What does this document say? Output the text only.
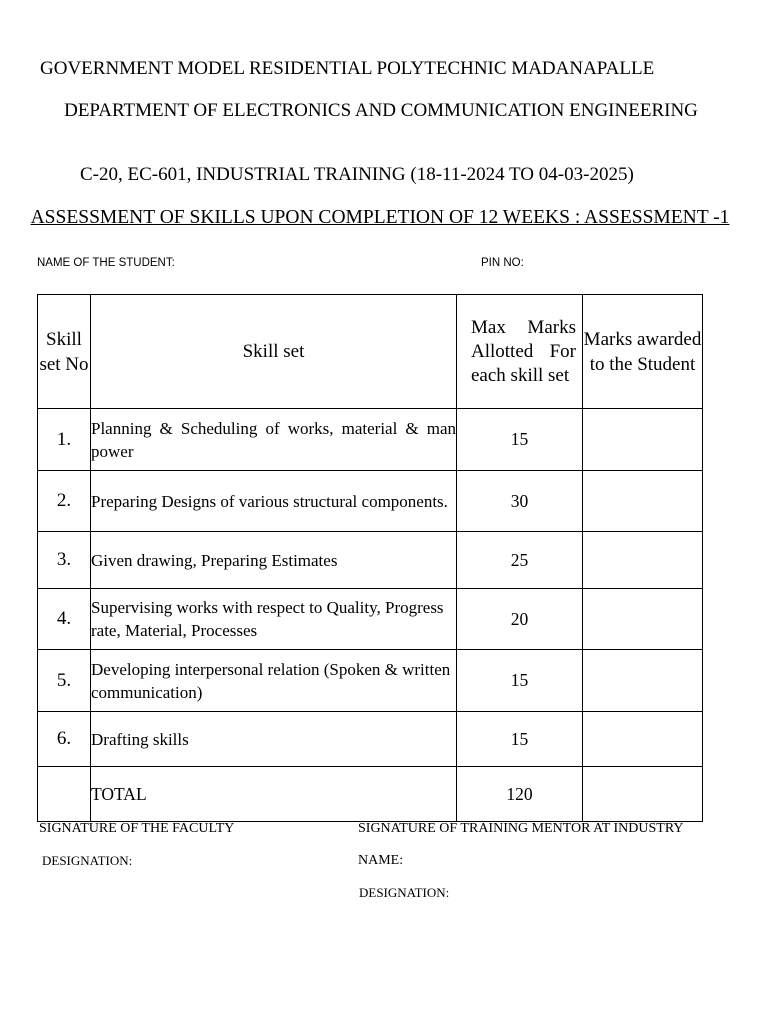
GOVERNMENT MODEL RESIDENTIAL POLYTECHNIC MADANAPALLE
DEPARTMENT OF ELECTRONICS AND COMMUNICATION ENGINEERING
C-20, EC-601, INDUSTRIAL TRAINING (18-11-2024 TO 04-03-2025)
ASSESSMENT OF SKILLS UPON COMPLETION OF 12 WEEKS : ASSESSMENT -1
NAME OF THE STUDENT:	PIN NO:
Skill set No	Skill set	Max Marks Allotted For each skill set	Marks awarded to the Student
1.	Planning & Scheduling of works, material & man power	15	
2.	Preparing Designs of various structural components.	30	
3.	Given drawing, Preparing Estimates	25	
4.	Supervising works with respect to Quality, Progress rate, Material, Processes	20	
5.	Developing interpersonal relation (Spoken & written communication)	15	
6.	Drafting skills	15	
	TOTAL	120	
SIGNATURE OF THE FACULTY
DESIGNATION:
SIGNATURE OF TRAINING MENTOR AT INDUSTRY
NAME:
DESIGNATION:
